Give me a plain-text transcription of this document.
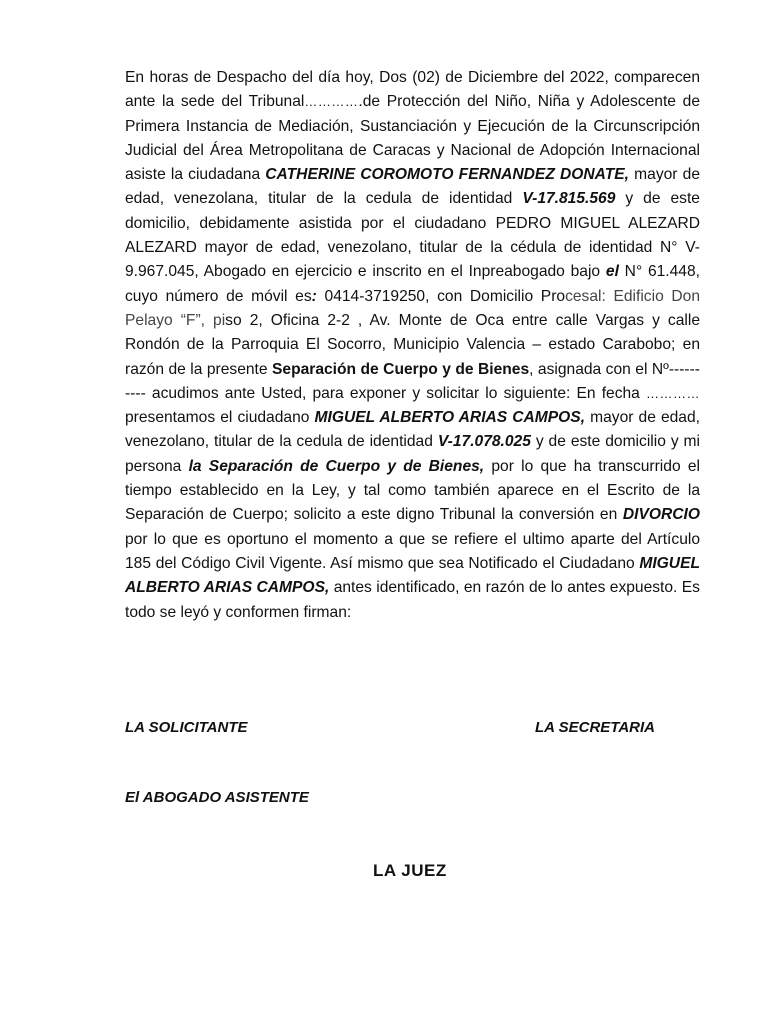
En horas de Despacho del día hoy, Dos (02) de Diciembre del 2022, comparecen ante la sede del Tribunal………….de Protección del Niño, Niña y Adolescente de Primera Instancia de Mediación, Sustanciación y Ejecución de la Circunscripción Judicial del Área Metropolitana de Caracas y Nacional de Adopción Internacional asiste la ciudadana CATHERINE COROMOTO FERNANDEZ DONATE, mayor de edad, venezolana, titular de la cedula de identidad V-17.815.569 y de este domicilio, debidamente asistida por el ciudadano PEDRO MIGUEL ALEZARD ALEZARD mayor de edad, venezolano, titular de la cédula de identidad N° V-9.967.045, Abogado en ejercicio e inscrito en el Inpreabogado bajo el N° 61.448, cuyo número de móvil es: 0414-3719250, con Domicilio Procesal: Edificio Don Pelayo “F”, piso 2, Oficina 2-2 , Av. Monte de Oca entre calle Vargas y calle Rondón de la Parroquia El Socorro, Municipio Valencia – estado Carabobo; en razón de la presente Separación de Cuerpo y de Bienes, asignada con el Nº---------- acudimos ante Usted, para exponer y solicitar lo siguiente: En fecha ………… presentamos el ciudadano MIGUEL ALBERTO ARIAS CAMPOS, mayor de edad, venezolano, titular de la cedula de identidad V-17.078.025 y de este domicilio y mi persona la Separación de Cuerpo y de Bienes, por lo que ha transcurrido el tiempo establecido en la Ley, y tal como también aparece en el Escrito de la Separación de Cuerpo; solicito a este digno Tribunal la conversión en DIVORCIO por lo que es oportuno el momento a que se refiere el ultimo aparte del Artículo 185 del Código Civil Vigente. Así mismo que sea Notificado el Ciudadano MIGUEL ALBERTO ARIAS CAMPOS, antes identificado, en razón de lo antes expuesto. Es todo se leyó y conformen firman:

LA SOLICITANTE	LA SECRETARIA

El ABOGADO ASISTENTE

LA JUEZ
